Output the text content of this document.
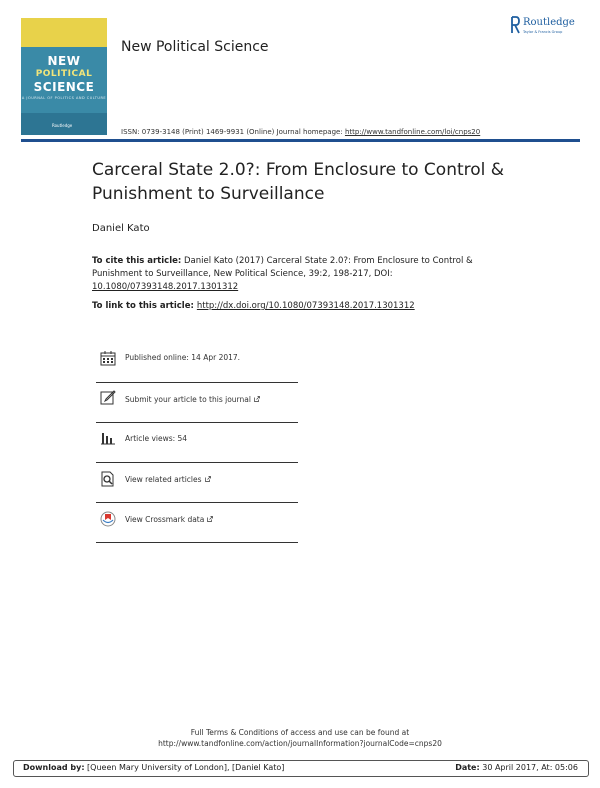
NEW
POLITICAL
SCIENCE
A JOURNAL OF POLITICS AND CULTURE
Routledge
New Political Science
Routledge
Taylor & Francis Group
ISSN: 0739-3148 (Print) 1469-9931 (Online) Journal homepage: http://www.tandfonline.com/loi/cnps20
Carceral State 2.0?: From Enclosure to Control & Punishment to Surveillance
Daniel Kato
To cite this article: Daniel Kato (2017) Carceral State 2.0?: From Enclosure to Control & Punishment to Surveillance, New Political Science, 39:2, 198-217, DOI: 10.1080/07393148.2017.1301312
To link to this article: http://dx.doi.org/10.1080/07393148.2017.1301312
Published online: 14 Apr 2017.
Submit your article to this journal
Article views: 54
View related articles
View Crossmark data
Full Terms & Conditions of access and use can be found at
http://www.tandfonline.com/action/journalInformation?journalCode=cnps20
Download by: [Queen Mary University of London], [Daniel Kato]	Date: 30 April 2017, At: 05:06
